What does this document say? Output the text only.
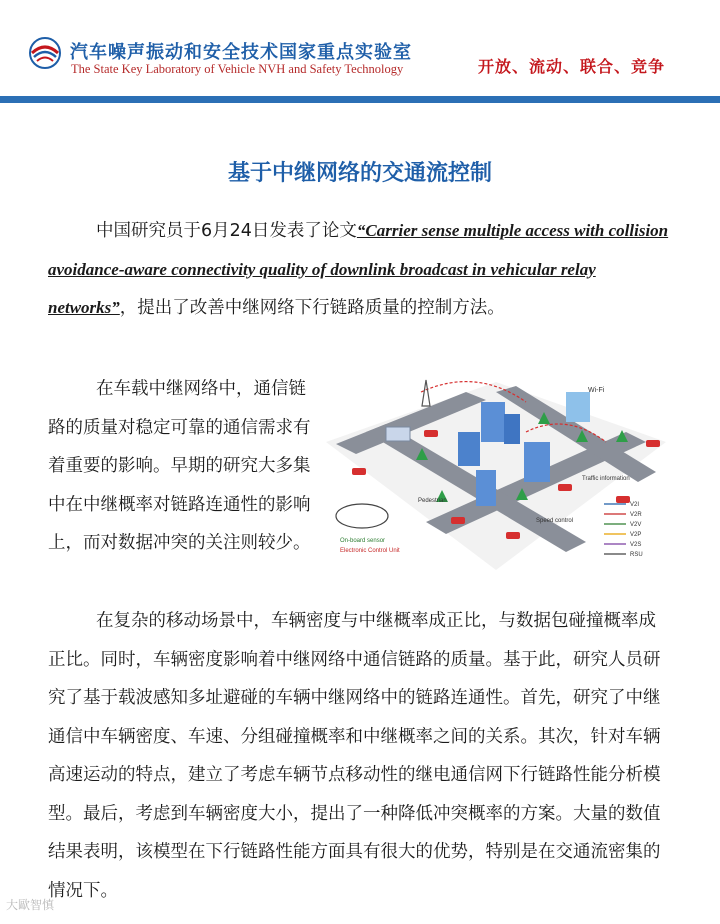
汽车噪声振动和安全技术国家重点实验室
The State Key Laboratory of Vehicle NVH and Safety Technology	开放、流动、联合、竞争
基于中继网络的交通流控制
中国研究员于6月24日发表了论文“Carrier sense multiple access with collision avoidance-aware connectivity quality of downlink broadcast in vehicular relay networks”，提出了改善中继网络下行链路质量的控制方法。
在车载中继网络中，通信链路的质量对稳定可靠的通信需求有着重要的影响。早期的研究大多集中在中继概率对链路连通性的影响上，而对数据冲突的关注则较少。
Wi-Fi
Traffic information
Pedestrian
Speed control
On-board sensor
Electronic Control Unit
V2I
V2R
V2V
V2P
V2S
RSU
在复杂的移动场景中，车辆密度与中继概率成正比，与数据包碰撞概率成正比。同时，车辆密度影响着中继网络中通信链路的质量。基于此，研究人员研究了基于载波感知多址避碰的车辆中继网络中的链路连通性。首先，研究了中继通信中车辆密度、车速、分组碰撞概率和中继概率之间的关系。其次，针对车辆高速运动的特点，建立了考虑车辆节点移动性的继电通信网下行链路性能分析模型。最后，考虑到车辆密度大小，提出了一种降低冲突概率的方案。大量的数值结果表明，该模型在下行链路性能方面具有很大的优势，特别是在交通流密集的情况下。
大歐智慎
